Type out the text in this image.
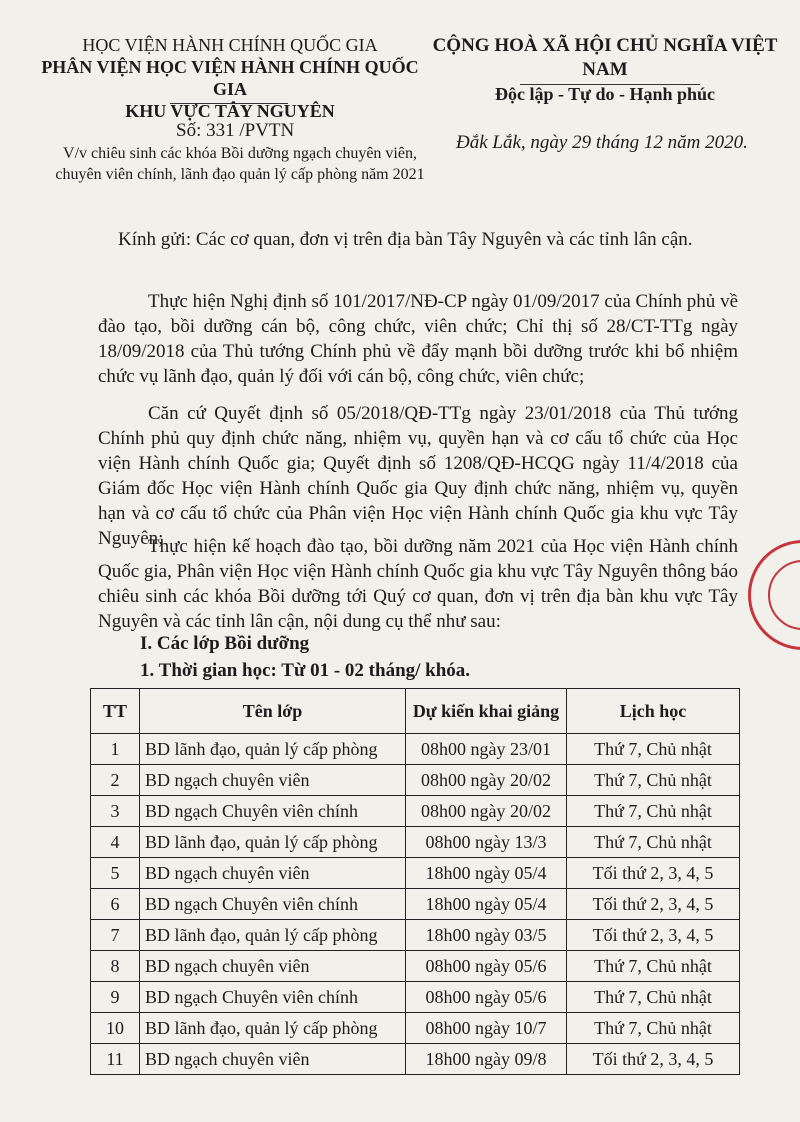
HỌC VIỆN HÀNH CHÍNH QUỐC GIA
PHÂN VIỆN HỌC VIỆN HÀNH CHÍNH QUỐC GIA
KHU VỰC TÂY NGUYÊN
CỘNG HOÀ XÃ HỘI CHỦ NGHĨA VIỆT NAM
Độc lập - Tự do - Hạnh phúc
Số: 331 /PVTN
V/v chiêu sinh các khóa Bồi dưỡng ngạch chuyên viên, chuyên viên chính, lãnh đạo quản lý cấp phòng năm 2021
Đắk Lắk, ngày 29 tháng 12 năm 2020.
Kính gửi: Các cơ quan, đơn vị trên địa bàn Tây Nguyên và các tỉnh lân cận.

Thực hiện Nghị định số 101/2017/NĐ-CP ngày 01/09/2017 của Chính phủ về đào tạo, bồi dưỡng cán bộ, công chức, viên chức; Chỉ thị số 28/CT-TTg ngày 18/09/2018 của Thủ tướng Chính phủ về đẩy mạnh bồi dưỡng trước khi bổ nhiệm chức vụ lãnh đạo, quản lý đối với cán bộ, công chức, viên chức;

Căn cứ Quyết định số 05/2018/QĐ-TTg ngày 23/01/2018 của Thủ tướng Chính phủ quy định chức năng, nhiệm vụ, quyền hạn và cơ cấu tổ chức của Học viện Hành chính Quốc gia; Quyết định số 1208/QĐ-HCQG ngày 11/4/2018 của Giám đốc Học viện Hành chính Quốc gia Quy định chức năng, nhiệm vụ, quyền hạn và cơ cấu tổ chức của Phân viện Học viện Hành chính Quốc gia khu vực Tây Nguyên;

Thực hiện kế hoạch đào tạo, bồi dưỡng năm 2021 của Học viện Hành chính Quốc gia, Phân viện Học viện Hành chính Quốc gia khu vực Tây Nguyên thông báo chiêu sinh các khóa Bồi dưỡng tới Quý cơ quan, đơn vị trên địa bàn khu vực Tây Nguyên và các tỉnh lân cận, nội dung cụ thể như sau:

I. Các lớp Bồi dưỡng
1. Thời gian học: Từ 01 - 02 tháng/ khóa.
TT	Tên lớp	Dự kiến khai giảng	Lịch học
1	BD lãnh đạo, quản lý cấp phòng	08h00 ngày 23/01	Thứ 7, Chủ nhật
2	BD ngạch chuyên viên	08h00 ngày 20/02	Thứ 7, Chủ nhật
3	BD ngạch Chuyên viên chính	08h00 ngày 20/02	Thứ 7, Chủ nhật
4	BD lãnh đạo, quản lý cấp phòng	08h00 ngày 13/3	Thứ 7, Chủ nhật
5	BD ngạch chuyên viên	18h00 ngày 05/4	Tối thứ 2, 3, 4, 5
6	BD ngạch Chuyên viên chính	18h00 ngày 05/4	Tối thứ 2, 3, 4, 5
7	BD lãnh đạo, quản lý cấp phòng	18h00 ngày 03/5	Tối thứ 2, 3, 4, 5
8	BD ngạch chuyên viên	08h00 ngày 05/6	Thứ 7, Chủ nhật
9	BD ngạch Chuyên viên chính	08h00 ngày 05/6	Thứ 7, Chủ nhật
10	BD lãnh đạo, quản lý cấp phòng	08h00 ngày 10/7	Thứ 7, Chủ nhật
11	BD ngạch chuyên viên	18h00 ngày 09/8	Tối thứ 2, 3, 4, 5
